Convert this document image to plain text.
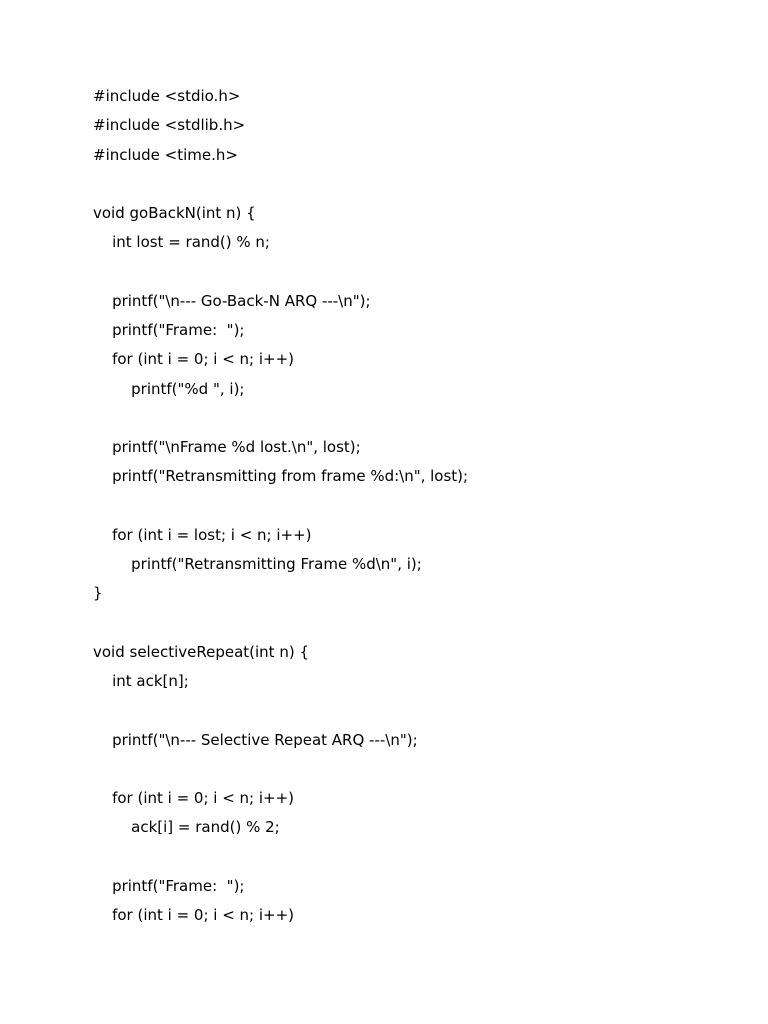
#include <stdio.h>
#include <stdlib.h>
#include <time.h>
void goBackN(int n) {
int lost = rand() % n;
printf("\n--- Go-Back-N ARQ ---\n");
printf("Frame:  ");
for (int i = 0; i < n; i++)
printf("%d ", i);
printf("\nFrame %d lost.\n", lost);
printf("Retransmitting from frame %d:\n", lost);
for (int i = lost; i < n; i++)
printf("Retransmitting Frame %d\n", i);
}
void selectiveRepeat(int n) {
int ack[n];
printf("\n--- Selective Repeat ARQ ---\n");
for (int i = 0; i < n; i++)
ack[i] = rand() % 2;
printf("Frame:  ");
for (int i = 0; i < n; i++)
